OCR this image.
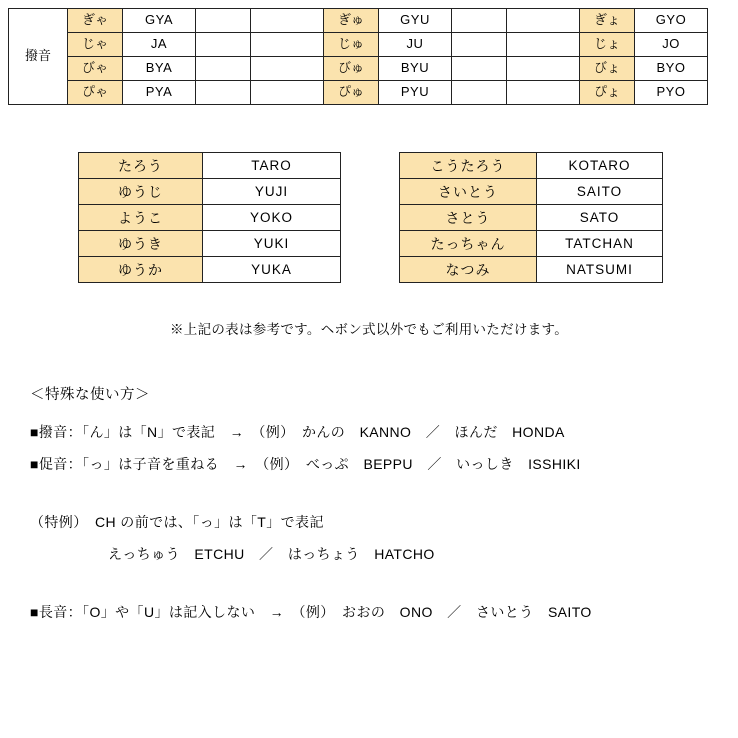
撥音	ぎゃ	GYA			ぎゅ	GYU			ぎょ	GYO
	じゃ	JA			じゅ	JU			じょ	JO
	びゃ	BYA			びゅ	BYU			びょ	BYO
	ぴゃ	PYA			ぴゅ	PYU			ぴょ	PYO
たろう	TARO
ゆうじ	YUJI
ようこ	YOKO
ゆうき	YUKI
ゆうか	YUKA
こうたろう	KOTARO
さいとう	SAITO
さとう	SATO
たっちゃん	TATCHAN
なつみ	NATSUMI
※上記の表は参考です。ヘボン式以外でもご利用いただけます。
＜特殊な使い方＞
■撥音：「ん」は「N」で表記　→　（例）　かんの　KANNO　／　ほんだ　HONDA
■促音：「っ」は子音を重ねる　→　（例）　べっぷ　BEPPU　／　いっしき　ISSHIKI
（特例）　CH の前では、「っ」は「T」で表記
えっちゅう　ETCHU　／　はっちょう　HATCHO
■長音：「O」や「U」は記入しない　→　（例）　おおの　ONO　／　さいとう　SAITO
